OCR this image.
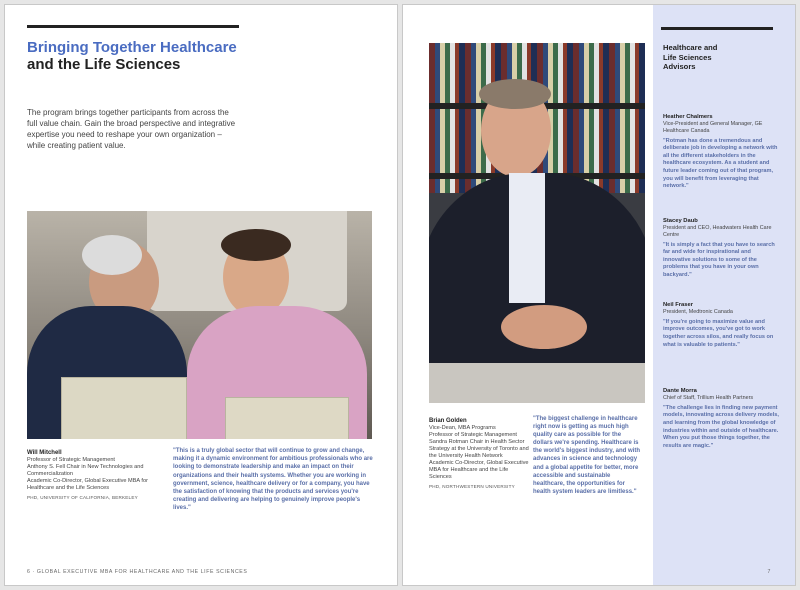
Bringing Together Healthcare
and the Life Sciences

The program brings together participants from across the full value chain. Gain the broad perspective and integrative expertise you need to reshape your own organization – while creating patient value.

Will Mitchell
Professor of Strategic Management
Anthony S. Fell Chair in New Technologies and Commercialization
Academic Co-Director, Global Executive MBA for Healthcare and the Life Sciences
PHD, UNIVERSITY OF CALIFORNIA, BERKELEY

"This is a truly global sector that will continue to grow and change, making it a dynamic environment for ambitious professionals who are looking to demonstrate leadership and make an impact on their organizations and their health systems. Whether you are working in government, science, healthcare delivery or for a company, you have the satisfaction of knowing that the products and services you're creating and delivering are helping to genuinely improve people's lives."

6 · GLOBAL EXECUTIVE MBA FOR HEALTHCARE AND THE LIFE SCIENCES
Brian Golden
Vice-Dean, MBA Programs
Professor of Strategic Management
Sandra Rotman Chair in Health Sector Strategy at the University of Toronto and the University Health Network
Academic Co-Director, Global Executive MBA for Healthcare and the Life Sciences
PHD, NORTHWESTERN UNIVERSITY

"The biggest challenge in healthcare right now is getting as much high quality care as possible for the dollars we're spending. Healthcare is the world's biggest industry, and with advances in science and technology and a global appetite for better, more accessible and sustainable healthcare, the opportunities for health system leaders are limitless."

Healthcare and
Life Sciences
Advisors
Heather Chalmers
Vice-President and General Manager, GE Healthcare Canada
"Rotman has done a tremendous and deliberate job in developing a network with all the different stakeholders in the healthcare ecosystem. As a student and future leader coming out of that program, you will benefit from leveraging that network."
Stacey Daub
President and CEO, Headwaters Health Care Centre
"It is simply a fact that you have to search far and wide for inspirational and innovative solutions to some of the problems that you have in your own backyard."
Neil Fraser
President, Medtronic Canada
"If you're going to maximize value and improve outcomes, you've got to work together across silos, and really focus on what is valuable to patients."
Dante Morra
Chief of Staff, Trillium Health Partners
"The challenge lies in finding new payment models, innovating across delivery models, and learning from the global knowledge of industries within and outside of healthcare. When you put those things together, the results are magic."
7
